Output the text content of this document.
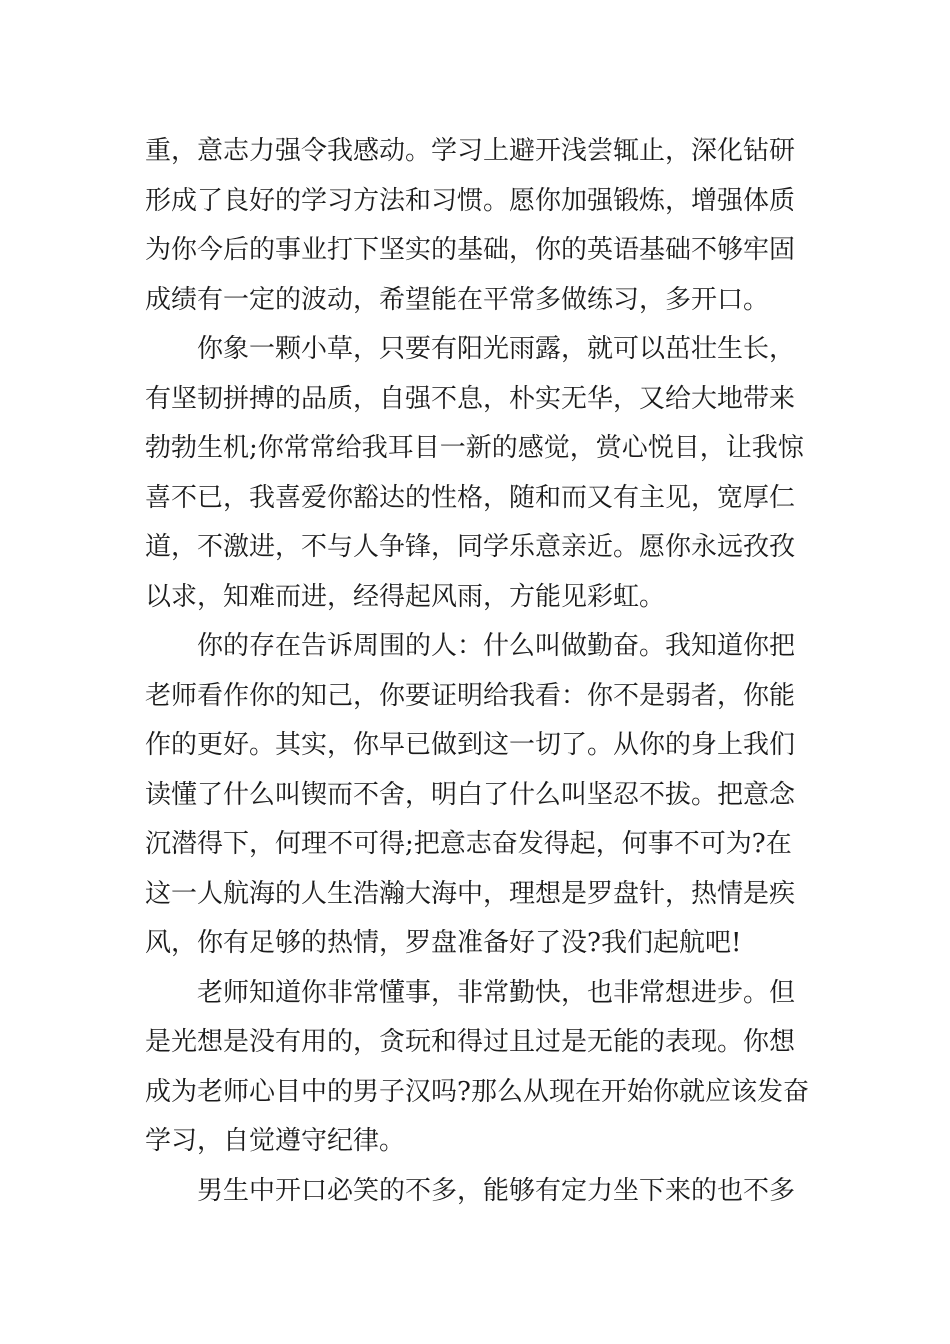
重，意志力强令我感动。学习上避开浅尝辄止，深化钻研
形成了良好的学习方法和习惯。愿你加强锻炼，增强体质
为你今后的事业打下坚实的基础，你的英语基础不够牢固
成绩有一定的波动，希望能在平常多做练习，多开口。
你象一颗小草，只要有阳光雨露，就可以茁壮生长，
有坚韧拼搏的品质，自强不息，朴实无华，又给大地带来
勃勃生机;你常常给我耳目一新的感觉，赏心悦目，让我惊
喜不已，我喜爱你豁达的性格，随和而又有主见，宽厚仁
道，不激进，不与人争锋，同学乐意亲近。愿你永远孜孜
以求，知难而进，经得起风雨，方能见彩虹。
你的存在告诉周围的人：什么叫做勤奋。我知道你把
老师看作你的知己，你要证明给我看：你不是弱者，你能
作的更好。其实，你早已做到这一切了。从你的身上我们
读懂了什么叫锲而不舍，明白了什么叫坚忍不拔。把意念
沉潜得下，何理不可得;把意志奋发得起，何事不可为?在
这一人航海的人生浩瀚大海中，理想是罗盘针，热情是疾
风，你有足够的热情，罗盘准备好了没?我们起航吧!
老师知道你非常懂事，非常勤快，也非常想进步。但
是光想是没有用的，贪玩和得过且过是无能的表现。你想
成为老师心目中的男子汉吗?那么从现在开始你就应该发奋
学习，自觉遵守纪律。
男生中开口必笑的不多，能够有定力坐下来的也不多
